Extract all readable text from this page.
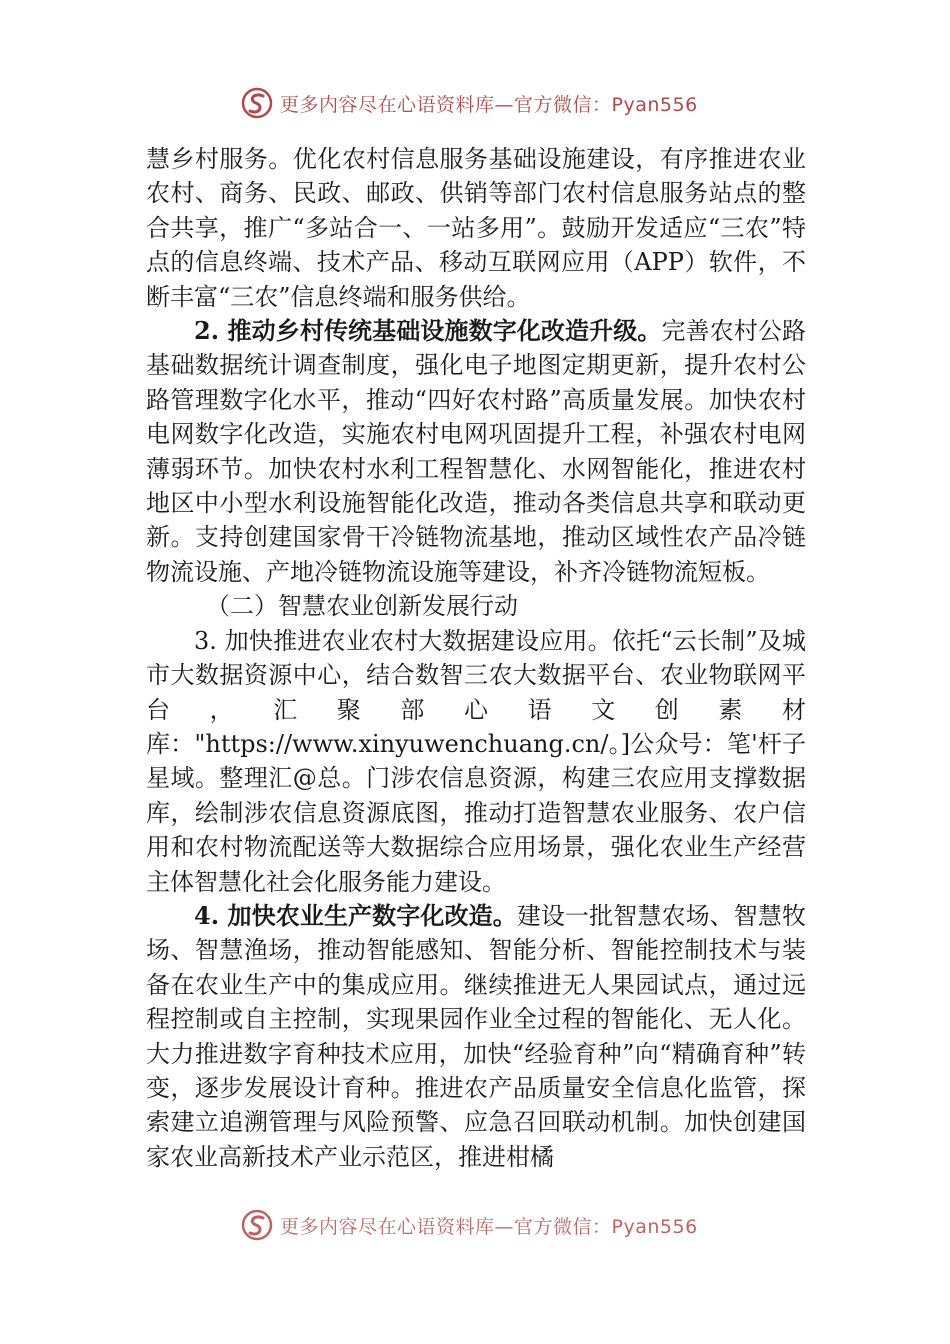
更多内容尽在心语资料库—官方微信：Pyan556

慧乡村服务。优化农村信息服务基础设施建设，有序推进农业农村、商务、民政、邮政、供销等部门农村信息服务站点的整合共享，推广“多站合一、一站多用”。鼓励开发适应“三农”特点的信息终端、技术产品、移动互联网应用（APP）软件，不断丰富“三农”信息终端和服务供给。

2. 推动乡村传统基础设施数字化改造升级。完善农村公路基础数据统计调查制度，强化电子地图定期更新，提升农村公路管理数字化水平，推动“四好农村路”高质量发展。加快农村电网数字化改造，实施农村电网巩固提升工程，补强农村电网薄弱环节。加快农村水利工程智慧化、水网智能化，推进农村地区中小型水利设施智能化改造，推动各类信息共享和联动更新。支持创建国家骨干冷链物流基地，推动区域性农产品冷链物流设施、产地冷链物流设施等建设，补齐冷链物流短板。

（二）智慧农业创新发展行动

3. 加快推进农业农村大数据建设应用。依托“云长制”及城市大数据资源中心，结合数智三农大数据平台、农业物联网平台，汇聚部心语文创素材库："https://www.xinyuwenchuang.cn/。]公众号：笔'杆子星域。整理汇@总。门涉农信息资源，构建三农应用支撑数据库，绘制涉农信息资源底图，推动打造智慧农业服务、农户信用和农村物流配送等大数据综合应用场景，强化农业生产经营主体智慧化社会化服务能力建设。

4. 加快农业生产数字化改造。建设一批智慧农场、智慧牧场、智慧渔场，推动智能感知、智能分析、智能控制技术与装备在农业生产中的集成应用。继续推进无人果园试点，通过远程控制或自主控制，实现果园作业全过程的智能化、无人化。大力推进数字育种技术应用，加快“经验育种”向“精确育种”转变，逐步发展设计育种。推进农产品质量安全信息化监管，探索建立追溯管理与风险预警、应急召回联动机制。加快创建国家农业高新技术产业示范区，推进柑橘

更多内容尽在心语资料库—官方微信：Pyan556
